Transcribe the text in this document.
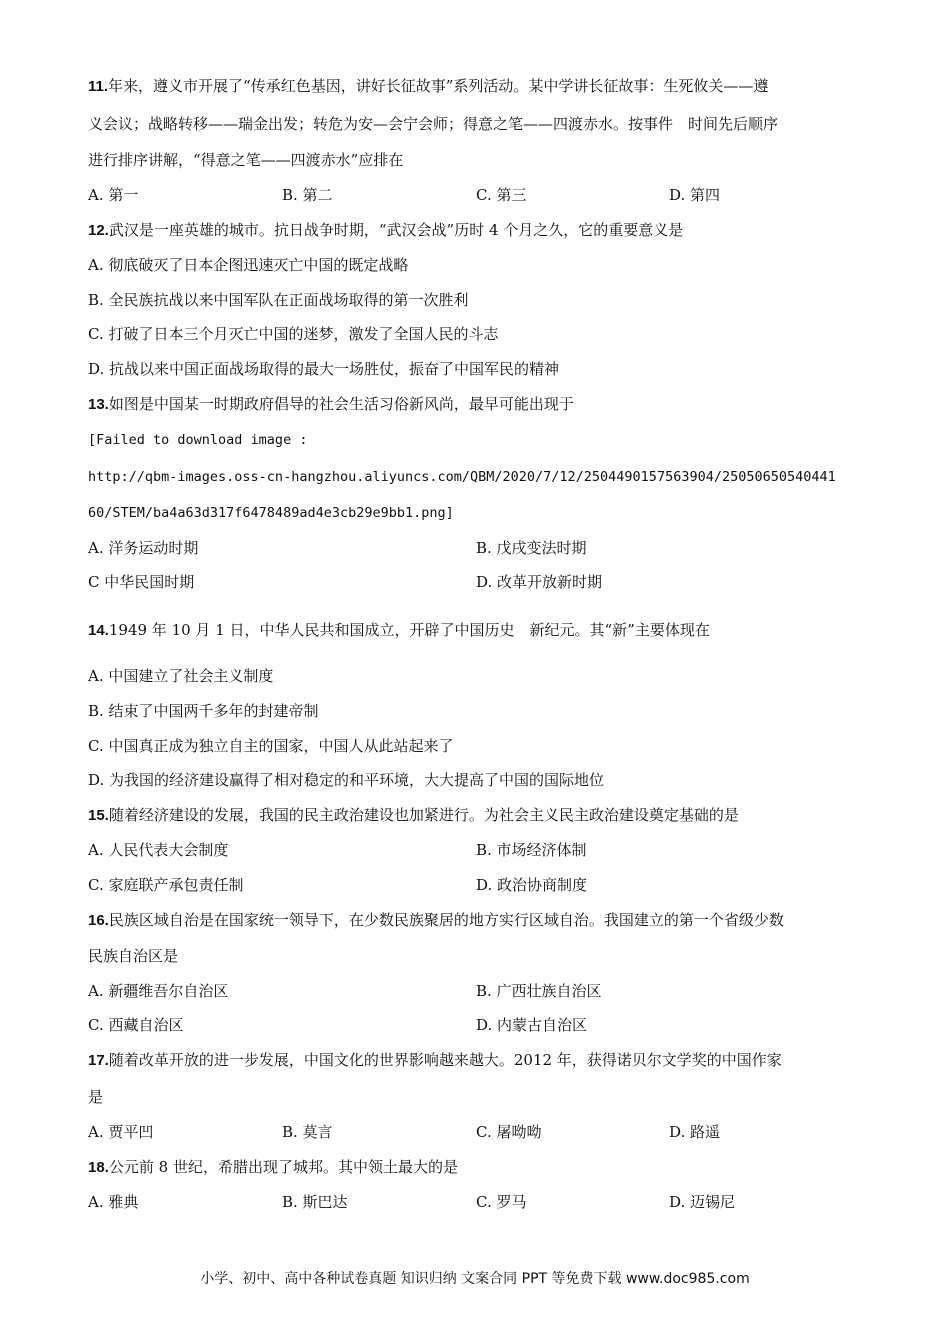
11.年来，遵义市开展了“传承红色基因，讲好长征故事”系列活动。某中学讲长征故事：生死攸关——遵
义会议；战略转移——瑞金出发；转危为安—会宁会师；得意之笔——四渡赤水。按事件　时间先后顺序
进行排序讲解，“得意之笔——四渡赤水”应排在
A. 第一	B. 第二	C. 第三	D. 第四
12.武汉是一座英雄的城市。抗日战争时期，“武汉会战”历时 4 个月之久，它的重要意义是
A. 彻底破灭了日本企图迅速灭亡中国的既定战略
B. 全民族抗战以来中国军队在正面战场取得的第一次胜利
C. 打破了日本三个月灭亡中国的迷梦，激发了全国人民的斗志
D. 抗战以来中国正面战场取得的最大一场胜仗，振奋了中国军民的精神
13.如图是中国某一时期政府倡导的社会生活习俗新风尚，最早可能出现于
[Failed to download image :
http://qbm-images.oss-cn-hangzhou.aliyuncs.com/QBM/2020/7/12/2504490157563904/25050650540441
60/STEM/ba4a63d317f6478489ad4e3cb29e9bb1.png]
A. 洋务运动时期	B. 戊戌变法时期
C 中华民国时期	D. 改革开放新时期
14.1949 年 10 月 1 日，中华人民共和国成立，开辟了中国历史　新纪元。其“新”主要体现在
A. 中国建立了社会主义制度
B. 结束了中国两千多年的封建帝制
C. 中国真正成为独立自主的国家，中国人从此站起来了
D. 为我国的经济建设赢得了相对稳定的和平环境，大大提高了中国的国际地位
15.随着经济建设的发展，我国的民主政治建设也加紧进行。为社会主义民主政治建设奠定基础的是
A. 人民代表大会制度	B. 市场经济体制
C. 家庭联产承包责任制	D. 政治协商制度
16.民族区域自治是在国家统一领导下，在少数民族聚居的地方实行区域自治。我国建立的第一个省级少数
民族自治区是
A. 新疆维吾尔自治区	B. 广西壮族自治区
C. 西藏自治区	D. 内蒙古自治区
17.随着改革开放的进一步发展，中国文化的世界影响越来越大。2012 年，获得诺贝尔文学奖的中国作家
是
A. 贾平凹	B. 莫言	C. 屠呦呦	D. 路遥
18.公元前 8 世纪，希腊出现了城邦。其中领土最大的是
A. 雅典	B. 斯巴达	C. 罗马	D. 迈锡尼
小学、初中、高中各种试卷真题 知识归纳 文案合同 PPT 等免费下载 www.doc985.com
